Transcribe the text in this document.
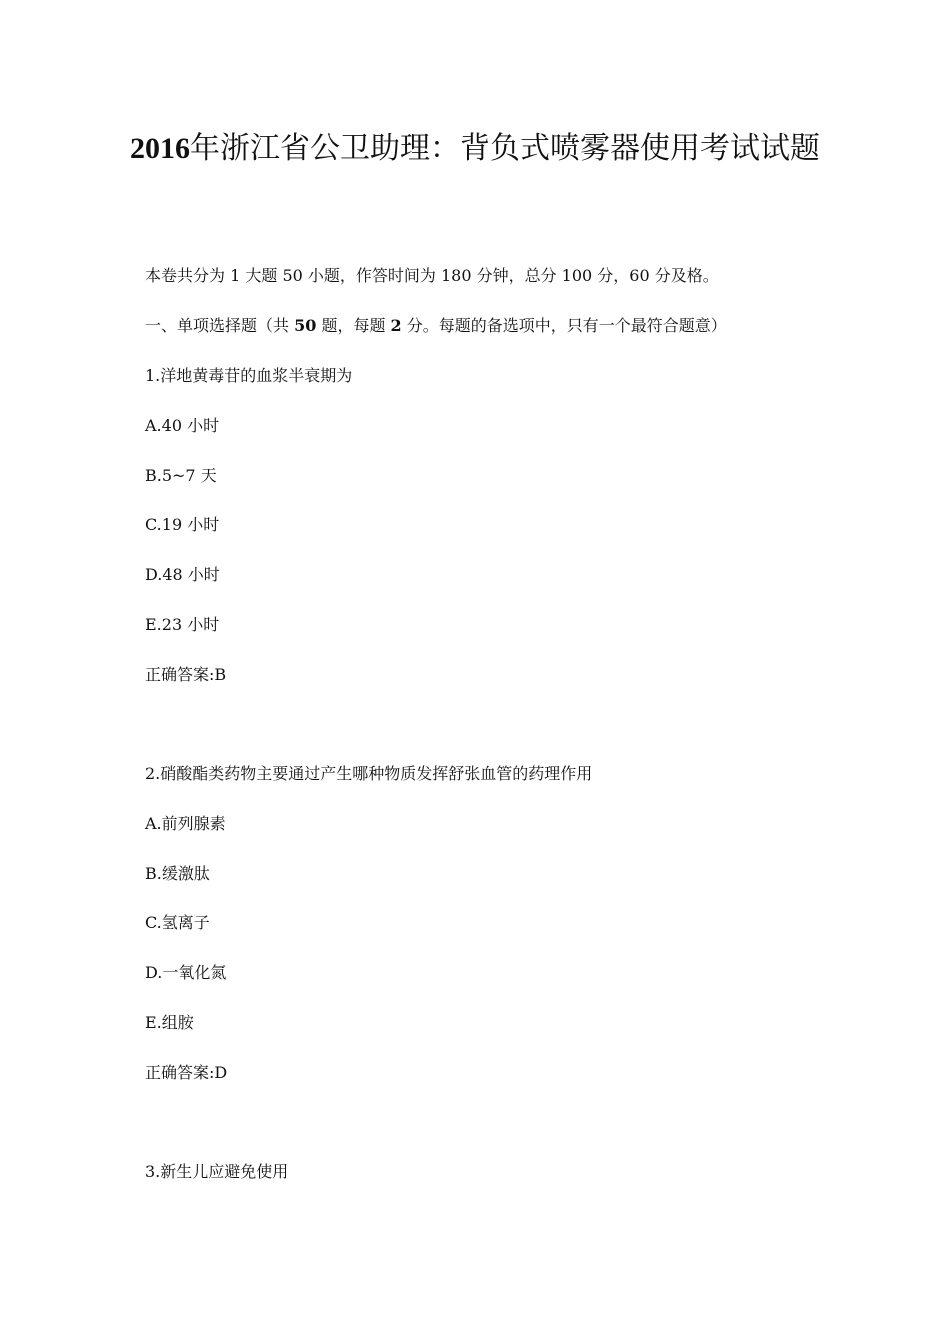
2016年浙江省公卫助理：背负式喷雾器使用考试试题

本卷共分为 1 大题 50 小题，作答时间为 180 分钟，总分 100 分，60 分及格。

一、单项选择题（共 50 题，每题 2 分。每题的备选项中，只有一个最符合题意）

1.洋地黄毒苷的血浆半衰期为

A.40 小时

B.5~7 天

C.19 小时

D.48 小时

E.23 小时

正确答案:B

2.硝酸酯类药物主要通过产生哪种物质发挥舒张血管的药理作用

A.前列腺素

B.缓激肽

C.氢离子

D.一氧化氮

E.组胺

正确答案:D

3.新生儿应避免使用
